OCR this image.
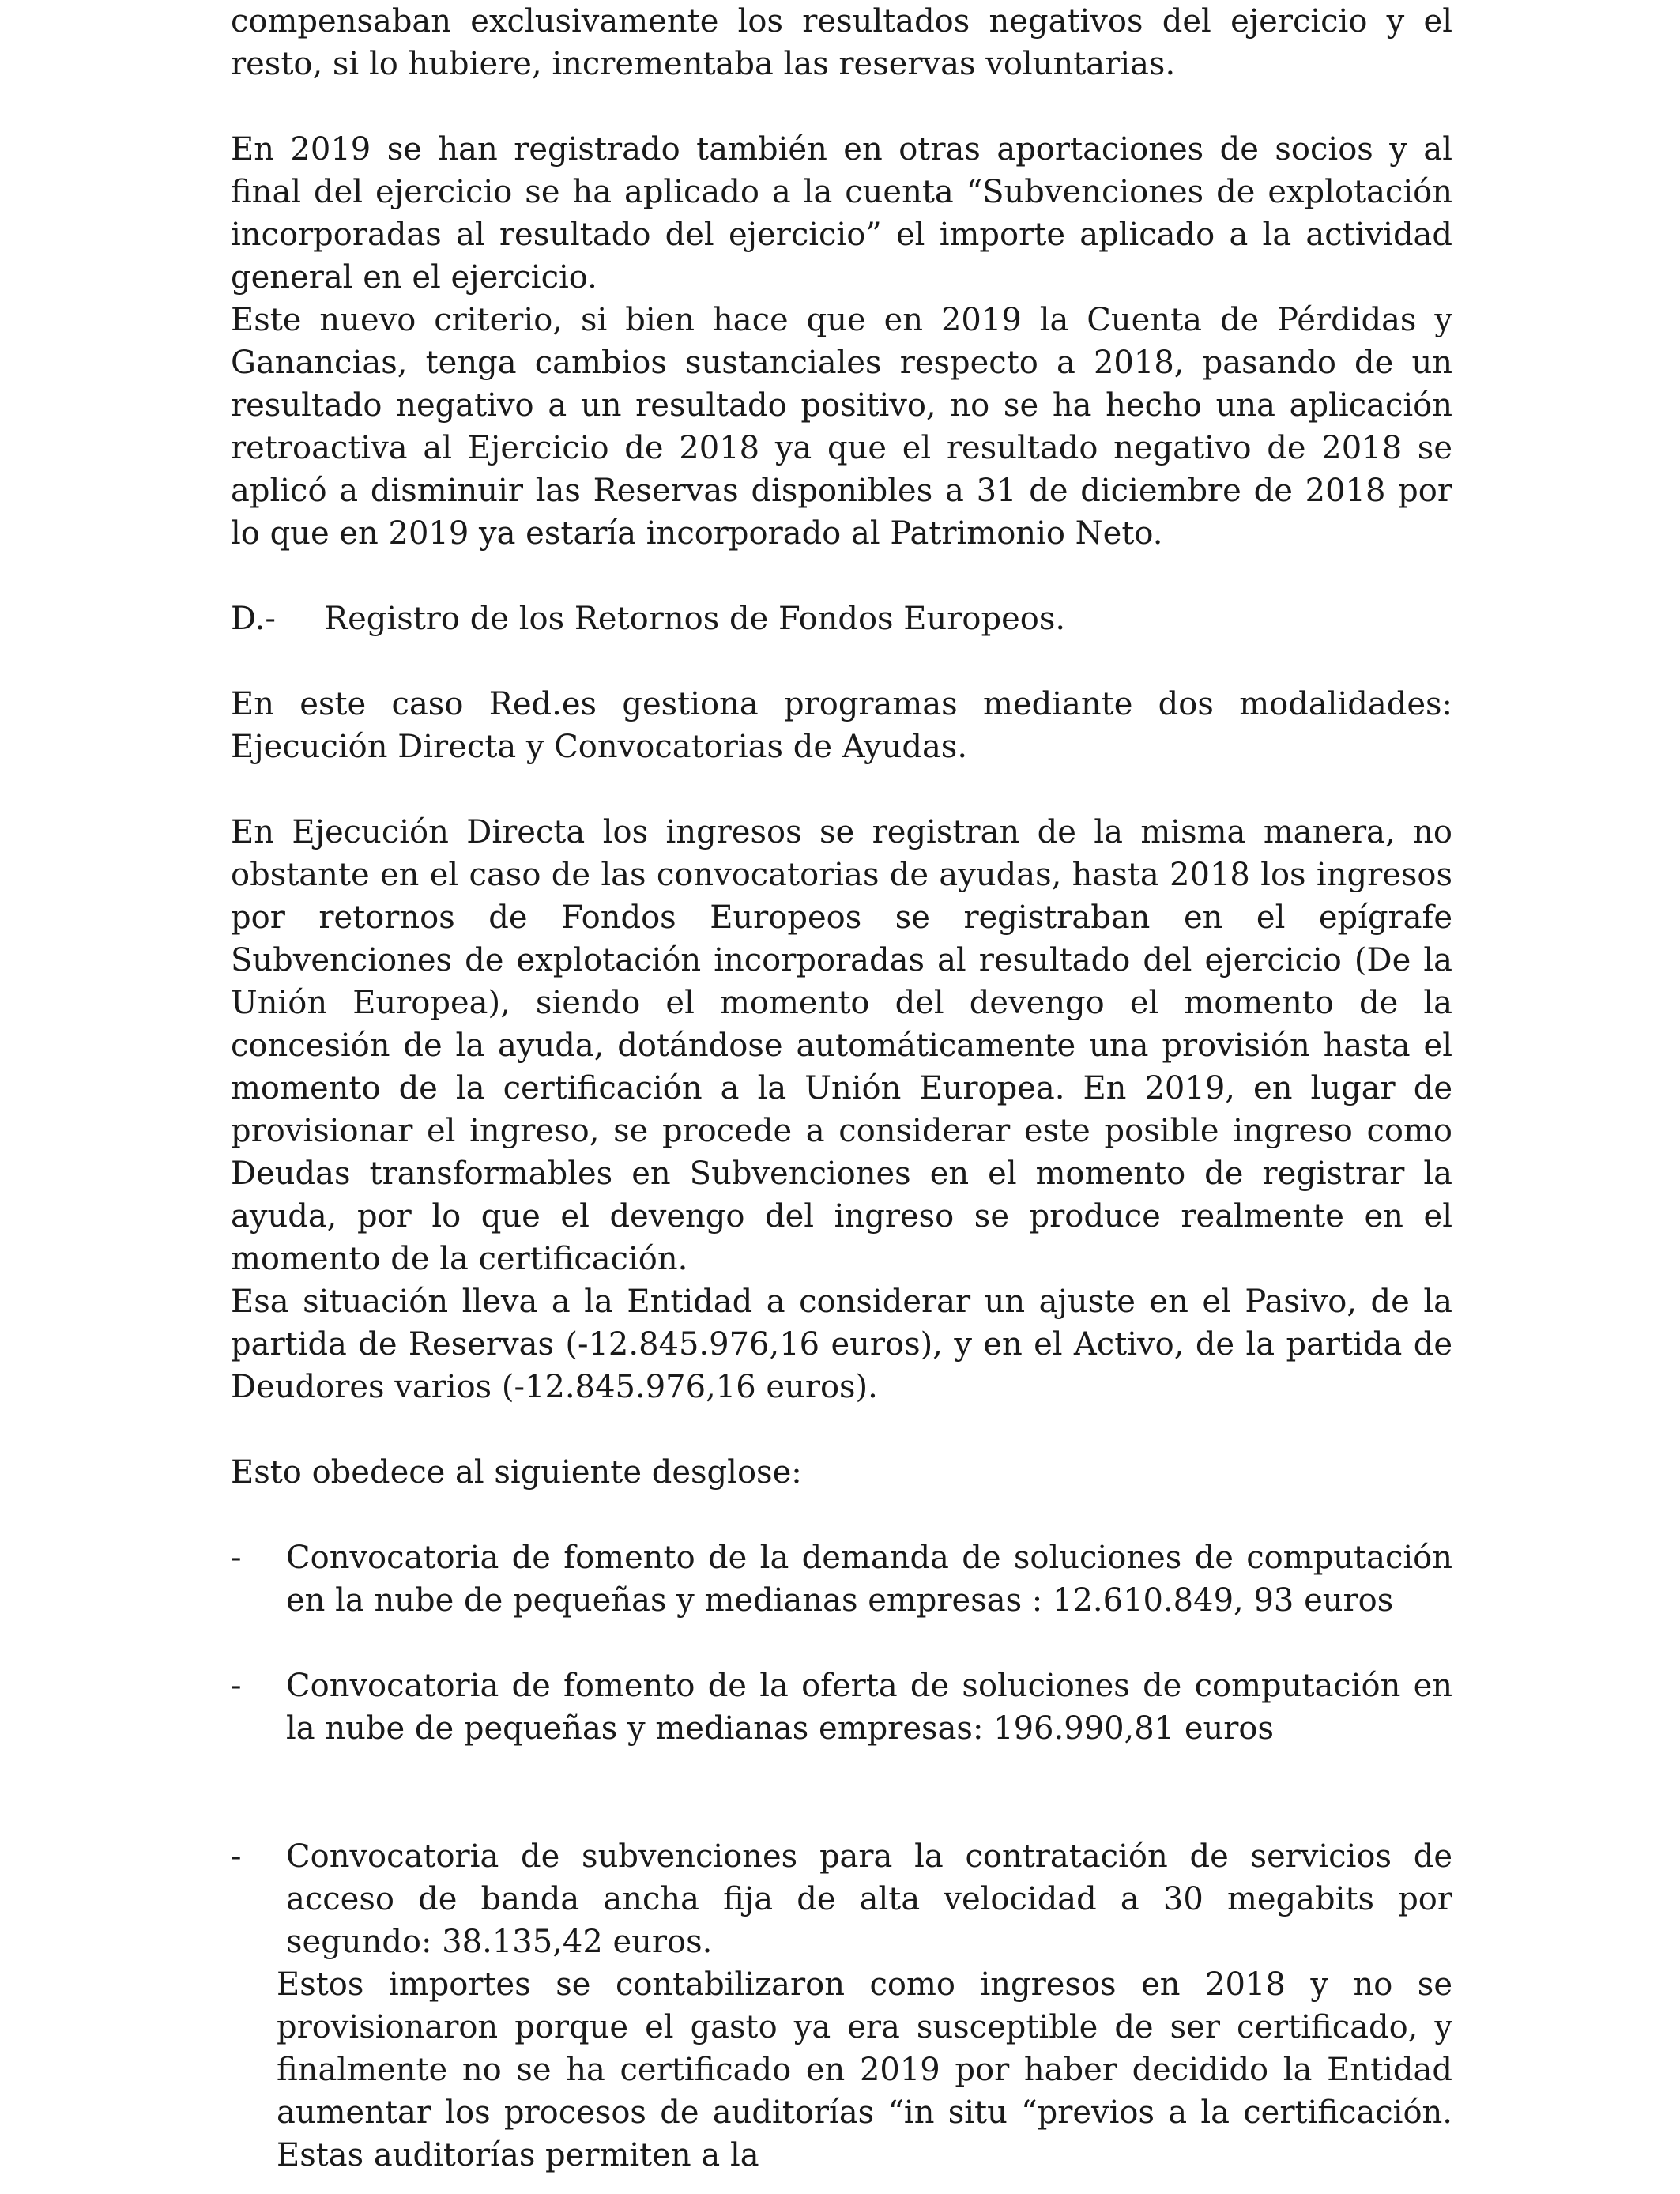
compensaban exclusivamente los resultados negativos del ejercicio y el resto, si lo hubiere, incrementaba las reservas voluntarias.

En 2019 se han registrado también en otras aportaciones de socios y al final del ejercicio se ha aplicado a la cuenta “Subvenciones de explotación incorporadas al resultado del ejercicio” el importe aplicado a la actividad general en el ejercicio.

Este nuevo criterio, si bien hace que en 2019 la Cuenta de Pérdidas y Ganancias, tenga cambios sustanciales respecto a 2018, pasando de un resultado negativo a un resultado positivo, no se ha hecho una aplicación retroactiva al Ejercicio de 2018 ya que el resultado negativo de 2018 se aplicó a disminuir las Reservas disponibles a 31 de diciembre de 2018 por lo que en 2019 ya estaría incorporado al Patrimonio Neto.

D.- Registro de los Retornos de Fondos Europeos.

En este caso Red.es gestiona programas mediante dos modalidades: Ejecución Directa y Convocatorias de Ayudas.

En Ejecución Directa los ingresos se registran de la misma manera, no obstante en el caso de las convocatorias de ayudas, hasta 2018 los ingresos por retornos de Fondos Europeos se registraban en el epígrafe Subvenciones de explotación incorporadas al resultado del ejercicio (De la Unión Europea), siendo el momento del devengo el momento de la concesión de la ayuda, dotándose automáticamente una provisión hasta el momento de la certificación a la Unión Europea. En 2019, en lugar de provisionar el ingreso, se procede a considerar este posible ingreso como Deudas transformables en Subvenciones en el momento de registrar la ayuda, por lo que el devengo del ingreso se produce realmente en el momento de la certificación.

Esa situación lleva a la Entidad a considerar un ajuste en el Pasivo, de la partida de Reservas (-12.845.976,16 euros), y en el Activo, de la partida de Deudores varios (-12.845.976,16 euros).

Esto obedece al siguiente desglose:

- Convocatoria de fomento de la demanda de soluciones de computación en la nube de pequeñas y medianas empresas : 12.610.849, 93 euros
- Convocatoria de fomento de la oferta de soluciones de computación en la nube de pequeñas y medianas empresas: 196.990,81 euros
- Convocatoria de subvenciones para la contratación de servicios de acceso de banda ancha fija de alta velocidad a 30 megabits por segundo: 38.135,42 euros.

Estos importes se contabilizaron como ingresos en 2018 y no se provisionaron porque el gasto ya era susceptible de ser certificado, y finalmente no se ha certificado en 2019 por haber decidido la Entidad aumentar los procesos de auditorías “in situ “previos a la certificación. Estas auditorías permiten a la
